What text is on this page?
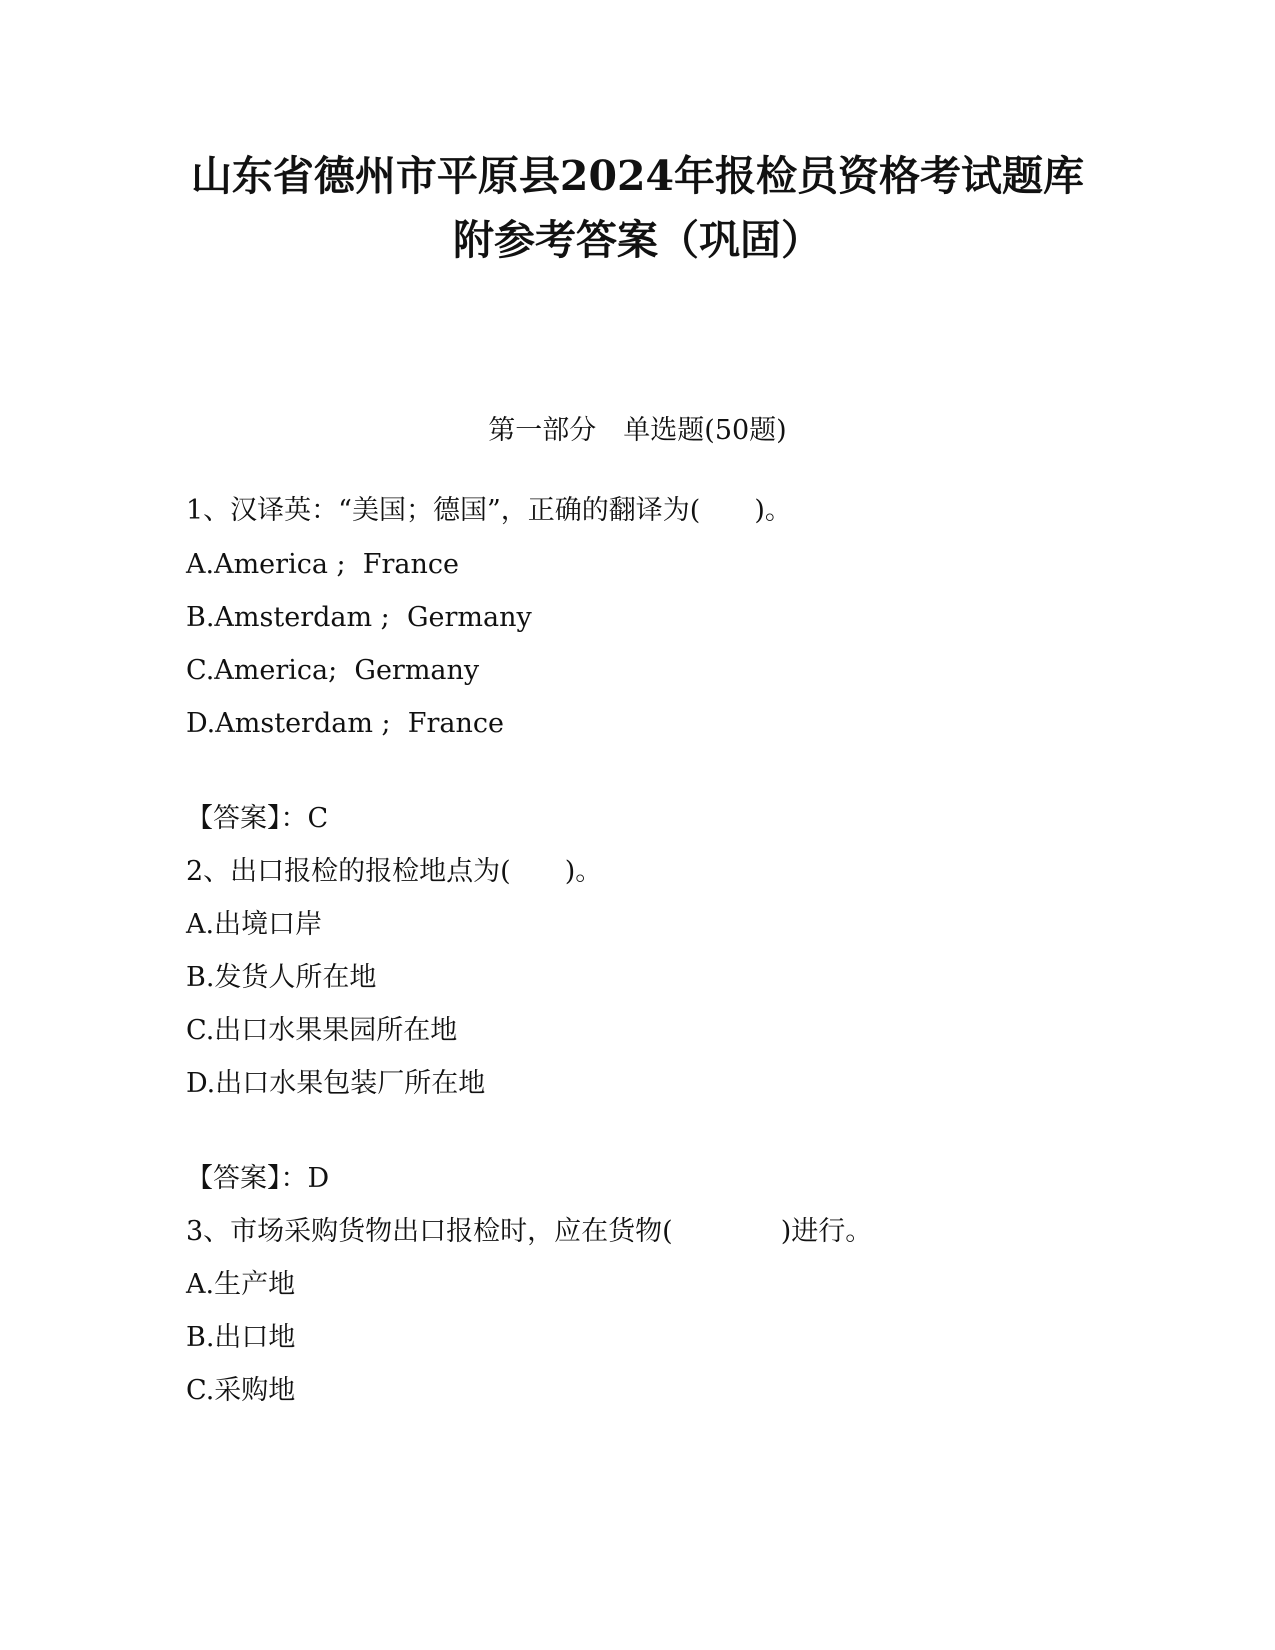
山东省德州市平原县2024年报检员资格考试题库
附参考答案（巩固）
第一部分　单选题(50题)
1、汉译英：“美国；德国”，正确的翻译为(　　)。
A.America ;  France
B.Amsterdam ;  Germany
C.America;  Germany
D.Amsterdam ;  France
【答案】：C
2、出口报检的报检地点为(　　)。
A.出境口岸
B.发货人所在地
C.出口水果果园所在地
D.出口水果包装厂所在地
【答案】：D
3、市场采购货物出口报检时，应在货物(　　　　)进行。
A.生产地
B.出口地
C.采购地
